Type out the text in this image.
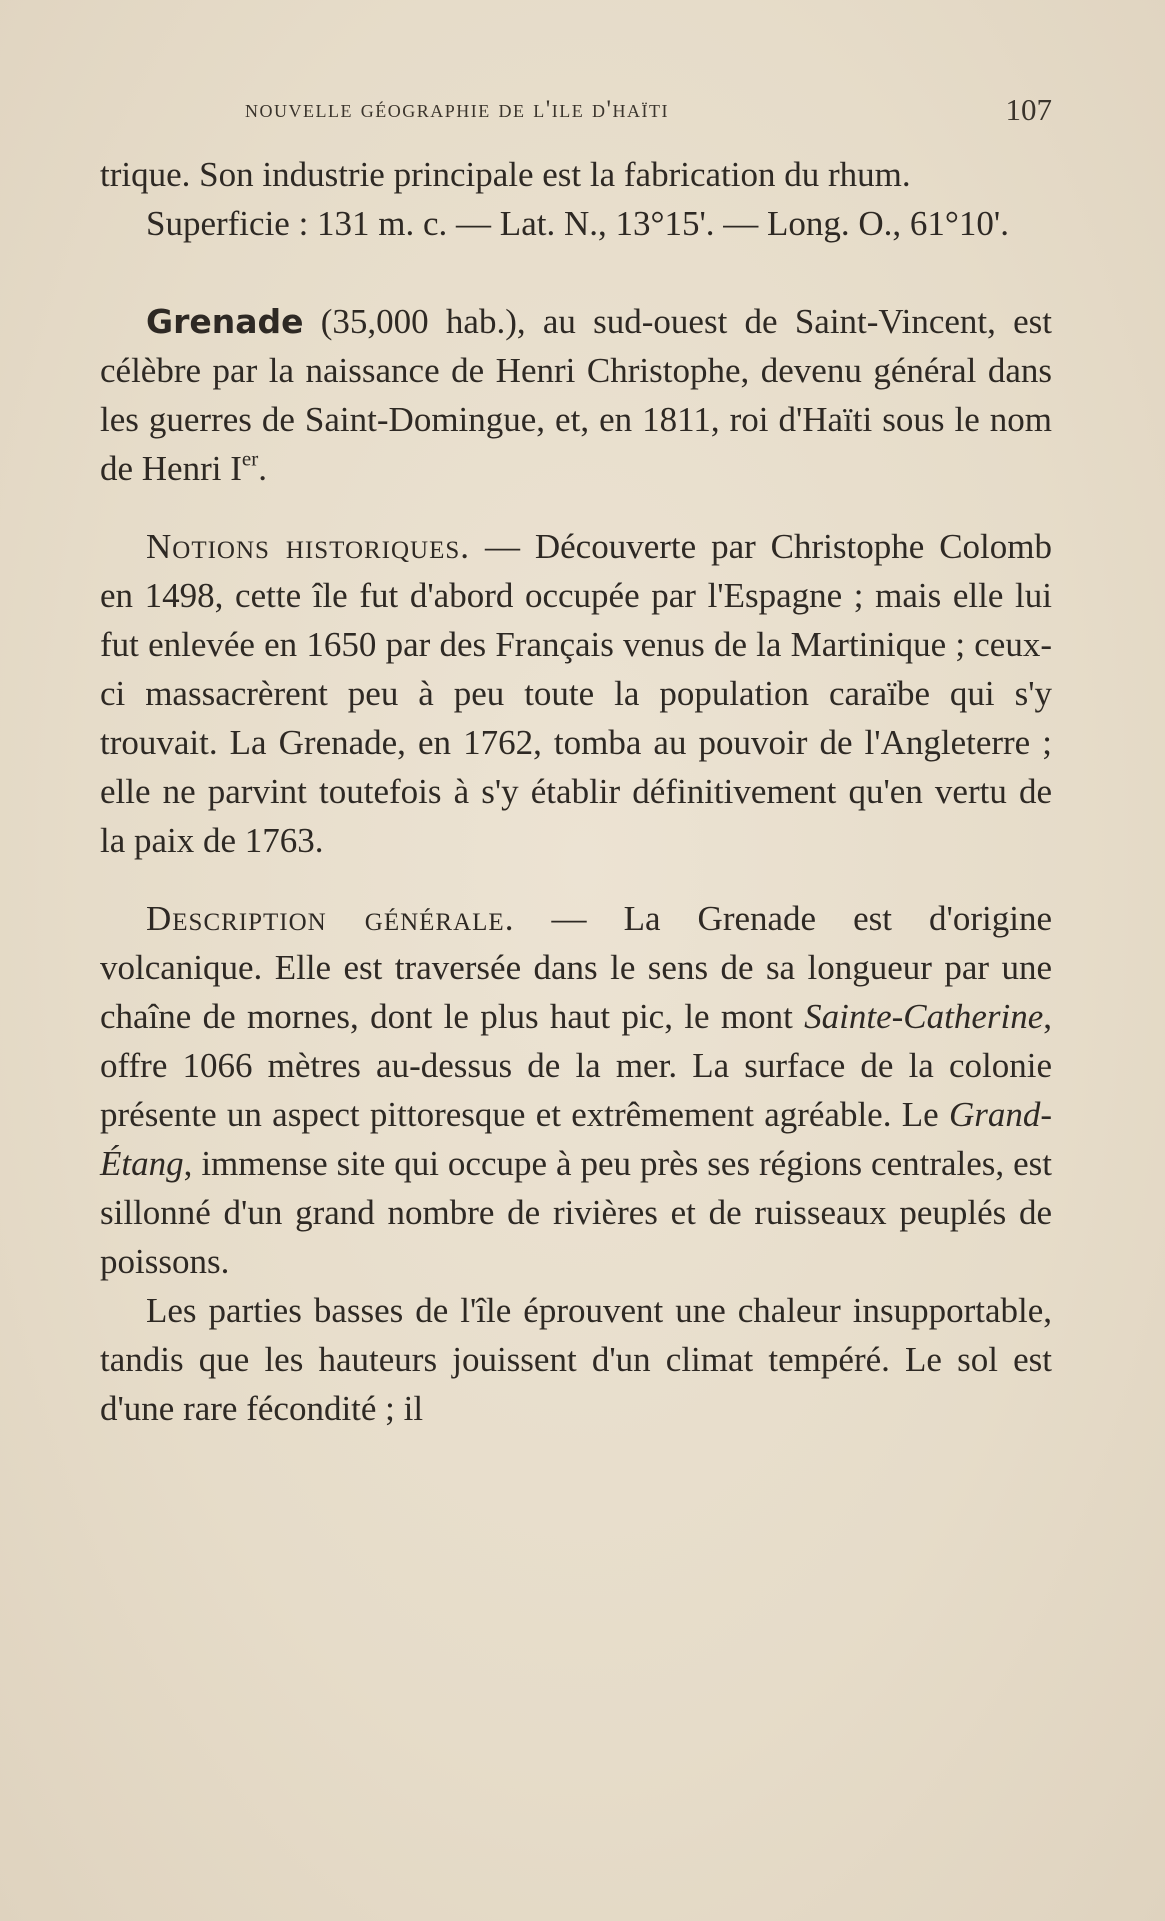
nouvelle géographie de l'ile d'haïti	107

trique. Son industrie principale est la fabrication du rhum.

Superficie : 131 m. c. — Lat. N., 13°15'. — Long. O., 61°10'.

Grenade (35,000 hab.), au sud-ouest de Saint-Vincent, est célèbre par la naissance de Henri Christophe, devenu général dans les guerres de Saint-Domingue, et, en 1811, roi d'Haïti sous le nom de Henri Ier.

Notions historiques. — Découverte par Christophe Colomb en 1498, cette île fut d'abord occupée par l'Espagne ; mais elle lui fut enlevée en 1650 par des Français venus de la Martinique ; ceux-ci massacrèrent peu à peu toute la population caraïbe qui s'y trouvait. La Grenade, en 1762, tomba au pouvoir de l'Angleterre ; elle ne parvint toutefois à s'y établir définitivement qu'en vertu de la paix de 1763.

Description générale. — La Grenade est d'origine volcanique. Elle est traversée dans le sens de sa longueur par une chaîne de mornes, dont le plus haut pic, le mont Sainte-Catherine, offre 1066 mètres au-dessus de la mer. La surface de la colonie présente un aspect pittoresque et extrêmement agréable. Le Grand-Étang, immense site qui occupe à peu près ses régions centrales, est sillonné d'un grand nombre de rivières et de ruisseaux peuplés de poissons.

Les parties basses de l'île éprouvent une chaleur insupportable, tandis que les hauteurs jouissent d'un climat tempéré. Le sol est d'une rare fécondité ; il
